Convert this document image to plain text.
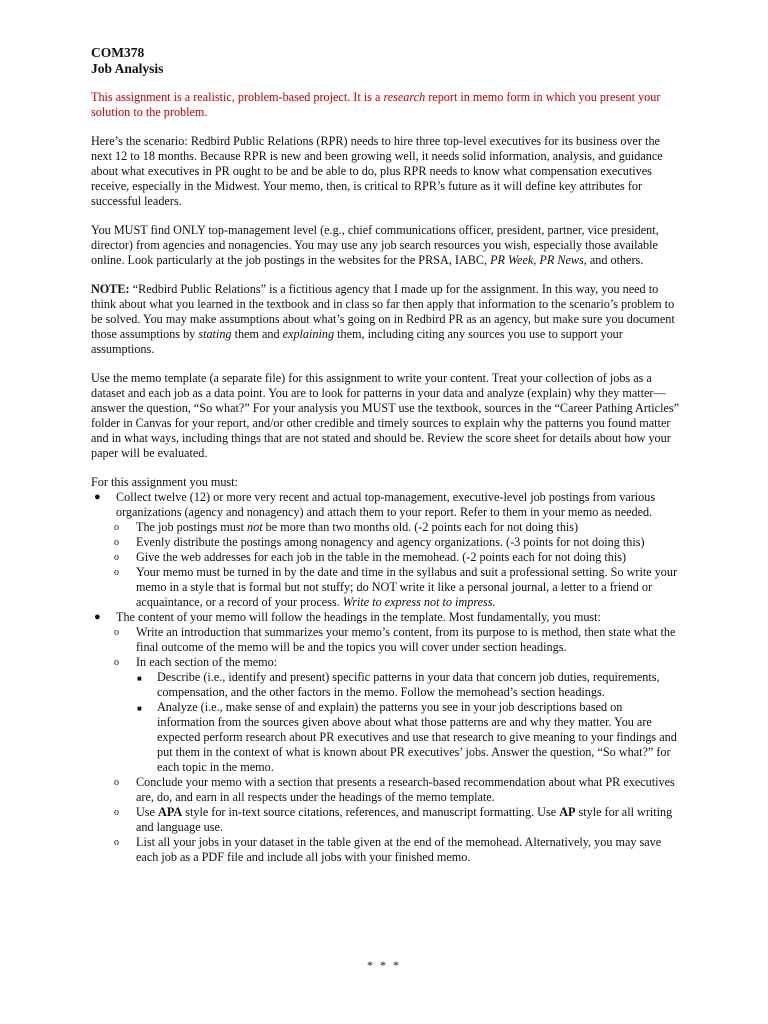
COM378
Job Analysis

This assignment is a realistic, problem-based project. It is a research report in memo form in which you present your solution to the problem.

Here’s the scenario: Redbird Public Relations (RPR) needs to hire three top-level executives for its business over the next 12 to 18 months. Because RPR is new and been growing well, it needs solid information, analysis, and guidance about what executives in PR ought to be and be able to do, plus RPR needs to know what compensation executives receive, especially in the Midwest. Your memo, then, is critical to RPR’s future as it will define key attributes for successful leaders.

You MUST find ONLY top-management level (e.g., chief communications officer, president, partner, vice president, director) from agencies and nonagencies. You may use any job search resources you wish, especially those available online. Look particularly at the job postings in the websites for the PRSA, IABC, PR Week, PR News, and others.

NOTE: “Redbird Public Relations” is a fictitious agency that I made up for the assignment. In this way, you need to think about what you learned in the textbook and in class so far then apply that information to the scenario’s problem to be solved. You may make assumptions about what’s going on in Redbird PR as an agency, but make sure you document those assumptions by stating them and explaining them, including citing any sources you use to support your assumptions.

Use the memo template (a separate file) for this assignment to write your content. Treat your collection of jobs as a dataset and each job as a data point. You are to look for patterns in your data and analyze (explain) why they matter—answer the question, “So what?” For your analysis you MUST use the textbook, sources in the “Career Pathing Articles” folder in Canvas for your report, and/or other credible and timely sources to explain why the patterns you found matter and in what ways, including things that are not stated and should be. Review the score sheet for details about how your paper will be evaluated.

For this assignment you must:

● Collect twelve (12) or more very recent and actual top-management, executive-level job postings from various organizations (agency and nonagency) and attach them to your report. Refer to them in your memo as needed.
o The job postings must not be more than two months old. (-2 points each for not doing this)
o Evenly distribute the postings among nonagency and agency organizations. (-3 points for not doing this)
o Give the web addresses for each job in the table in the memohead. (-2 points each for not doing this)
o Your memo must be turned in by the date and time in the syllabus and suit a professional setting. So write your memo in a style that is formal but not stuffy; do NOT write it like a personal journal, a letter to a friend or acquaintance, or a record of your process. Write to express not to impress.
● The content of your memo will follow the headings in the template. Most fundamentally, you must:
o Write an introduction that summarizes your memo’s content, from its purpose to is method, then state what the final outcome of the memo will be and the topics you will cover under section headings.
o In each section of the memo:
■ Describe (i.e., identify and present) specific patterns in your data that concern job duties, requirements, compensation, and the other factors in the memo. Follow the memohead’s section headings.
■ Analyze (i.e., make sense of and explain) the patterns you see in your job descriptions based on information from the sources given above about what those patterns are and why they matter. You are expected perform research about PR executives and use that research to give meaning to your findings and put them in the context of what is known about PR executives’ jobs. Answer the question, “So what?” for each topic in the memo.
o Conclude your memo with a section that presents a research-based recommendation about what PR executives are, do, and earn in all respects under the headings of the memo template.
o Use APA style for in-text source citations, references, and manuscript formatting. Use AP style for all writing and language use.
o List all your jobs in your dataset in the table given at the end of the memohead. Alternatively, you may save each job as a PDF file and include all jobs with your finished memo.
* * *
